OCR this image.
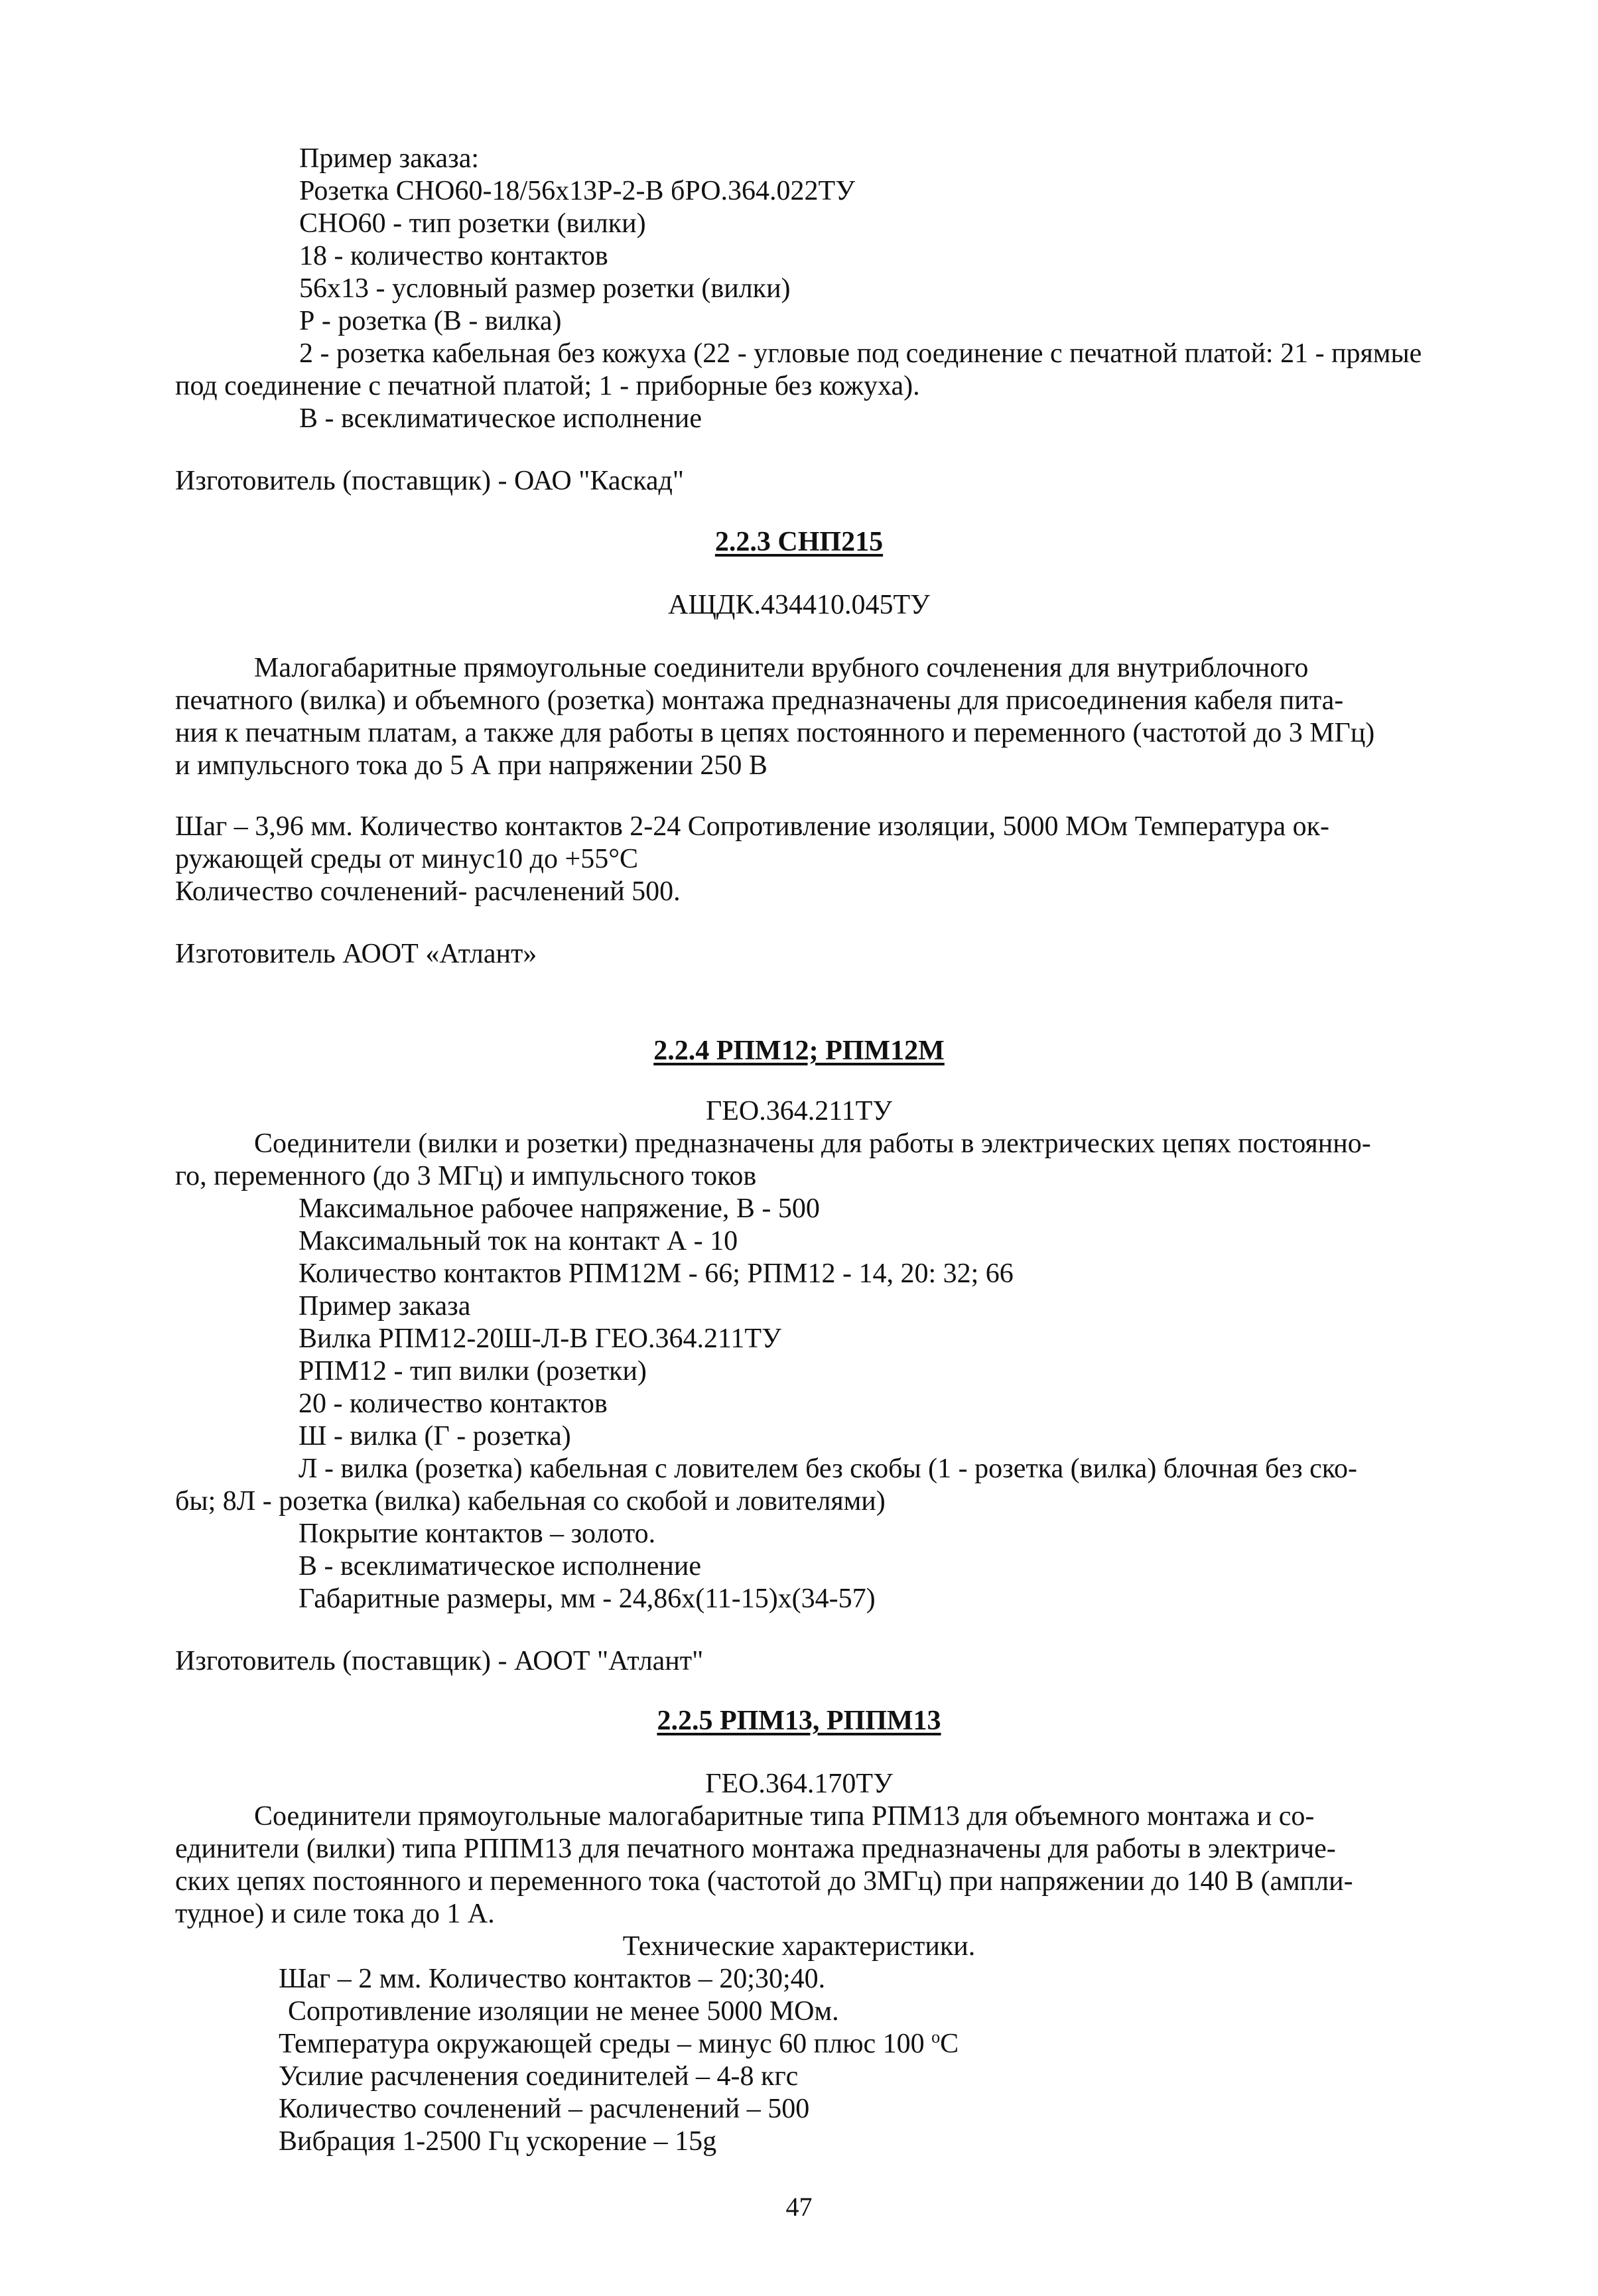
Пример заказа:

Розетка СНО60-18/56x13Р-2-В бРО.364.022ТУ

СНО60 - тип розетки (вилки)

18 - количество контактов

56x13 - условный размер розетки (вилки)

Р - розетка (В - вилка)

2 - розетка кабельная без кожуха (22 - угловые под соединение с печатной платой: 21 - прямые

под соединение с печатной платой; 1 - приборные без кожуха).

В - всеклиматическое исполнение

Изготовитель (поставщик) - ОАО "Каскад"

2.2.3 СНП215

АЩДК.434410.045ТУ

Малогабаритные прямоугольные соединители врубного сочленения для внутриблочного

печатного (вилка) и объемного (розетка) монтажа предназначены для присоединения кабеля пита-

ния к печатным платам, а также для работы в цепях постоянного и переменного (частотой до 3 МГц)

и импульсного тока до 5 А при напряжении 250 В

Шаг – 3,96 мм. Количество контактов 2-24 Сопротивление изоляции, 5000 МОм Температура ок-

ружающей среды от минус10 до +55°С

Количество сочленений- расчленений 500.

Изготовитель АООТ «Атлант»

2.2.4 РПМ12; РПМ12М

ГЕО.364.211ТУ

Соединители (вилки и розетки) предназначены для работы в электрических цепях постоянно-

го, переменного (до 3 МГц) и импульсного токов

Максимальное рабочее напряжение, В - 500

Максимальный ток на контакт А - 10

Количество контактов РПМ12М - 66; РПМ12 - 14, 20: 32; 66

Пример заказа

Вилка РПМ12-20Ш-Л-В ГЕО.364.211ТУ

РПМ12 - тип вилки (розетки)

20 - количество контактов

Ш - вилка (Г - розетка)

Л - вилка (розетка) кабельная с ловителем без скобы (1 - розетка (вилка) блочная без ско-

бы; 8Л - розетка (вилка) кабельная со скобой и ловителями)

Покрытие контактов – золото.

В - всеклиматическое исполнение

Габаритные размеры, мм - 24,86х(11-15)х(34-57)

Изготовитель (поставщик) - АООТ "Атлант"

2.2.5 РПМ13, РППМ13

ГЕО.364.170ТУ

Соединители прямоугольные малогабаритные типа РПМ13 для объемного монтажа и со-

единители (вилки) типа РППМ13 для печатного монтажа предназначены для работы в электриче-

ских цепях постоянного и переменного тока (частотой до 3МГц) при напряжении до 140 В (ампли-

тудное) и силе тока до 1 А.

Технические характеристики.

Шаг – 2 мм. Количество контактов – 20;30;40.

Сопротивление изоляции не менее 5000 МОм.

Температура окружающей среды – минус 60 плюс 100 $^о$С

Усилие расчленения соединителей – 4-8 кгс

Количество сочленений – расчленений – 500

Вибрация 1-2500 Гц ускорение – 15g

47
